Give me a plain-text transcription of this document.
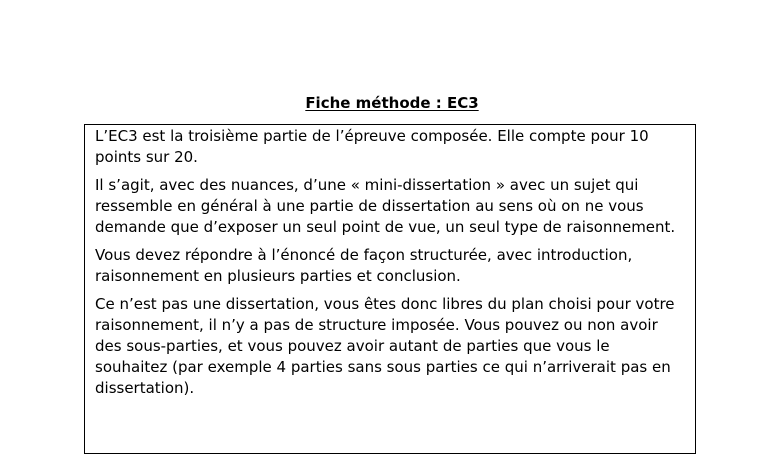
Fiche méthode : EC3

L’EC3 est la troisième partie de l’épreuve composée. Elle compte pour 10 points sur 20.

Il s’agit, avec des nuances, d’une « mini-dissertation » avec un sujet qui ressemble en général à une partie de dissertation au sens où on ne vous demande que d’exposer un seul point de vue, un seul type de raisonnement.

Vous devez répondre à l’énoncé de façon structurée, avec introduction, raisonnement en plusieurs parties et conclusion.

Ce n’est pas une dissertation, vous êtes donc libres du plan choisi pour votre raisonnement, il n’y a pas de structure imposée. Vous pouvez ou non avoir des sous-parties, et vous pouvez avoir autant de parties que vous le souhaitez (par exemple 4 parties sans sous parties ce qui n’arriverait pas en dissertation).
